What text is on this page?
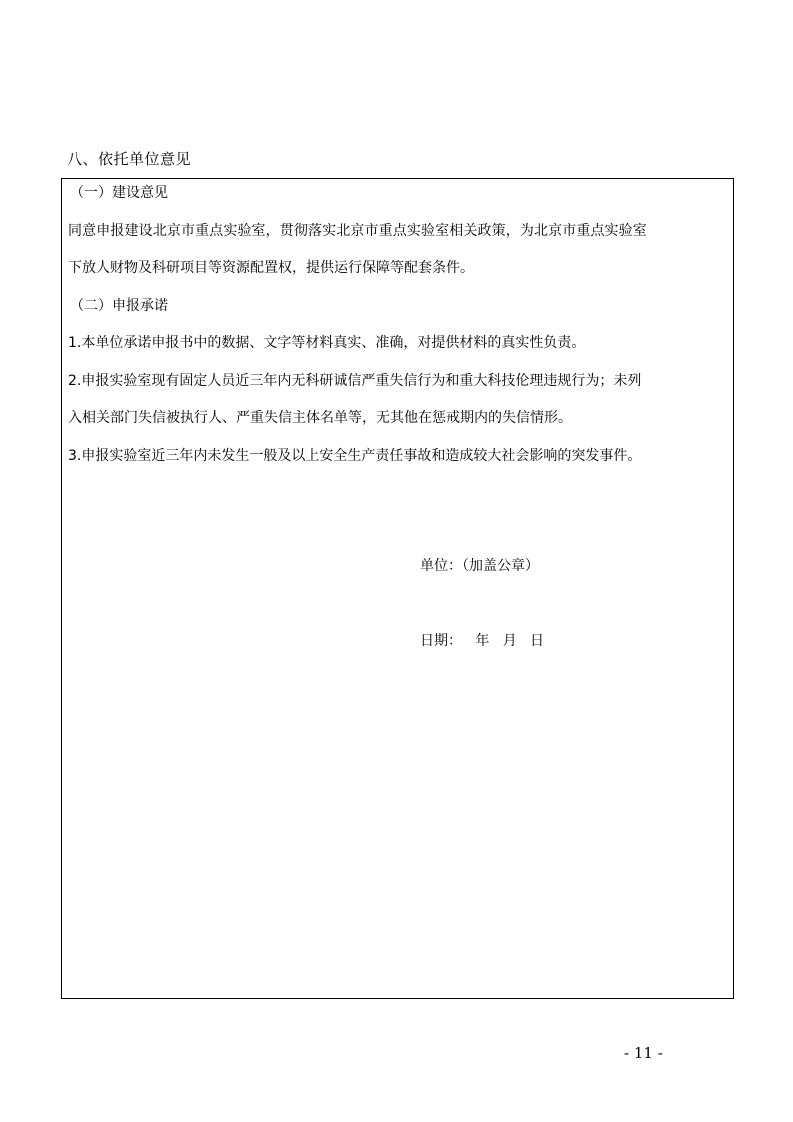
八、依托单位意见
（一）建设意见
同意申报建设北京市重点实验室，贯彻落实北京市重点实验室相关政策，为北京市重点实验室
下放人财物及科研项目等资源配置权，提供运行保障等配套条件。
（二）申报承诺
1.本单位承诺申报书中的数据、文字等材料真实、准确，对提供材料的真实性负责。
2.申报实验室现有固定人员近三年内无科研诚信严重失信行为和重大科技伦理违规行为；未列
入相关部门失信被执行人、严重失信主体名单等，无其他在惩戒期内的失信情形。
3.申报实验室近三年内未发生一般及以上安全生产责任事故和造成较大社会影响的突发事件。
单位：（加盖公章）
日期：   年   月   日
- 11 -
